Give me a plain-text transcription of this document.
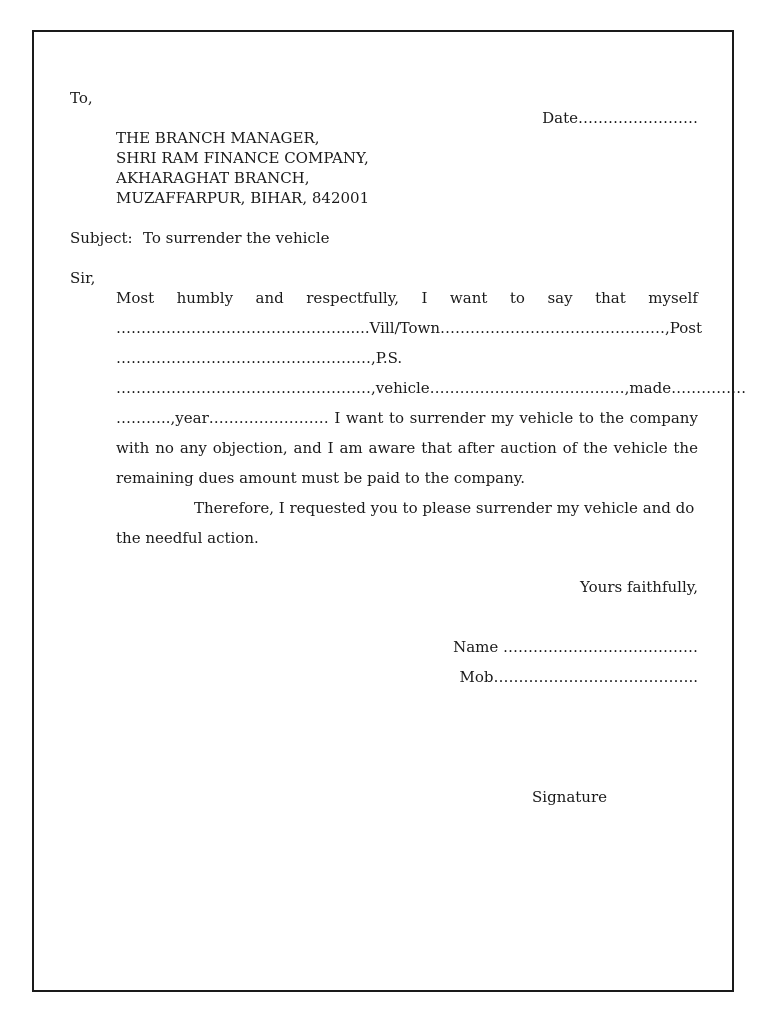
To,
Date……………………
THE BRANCH MANAGER,
SHRI RAM FINANCE COMPANY,
AKHARAGHAT BRANCH,
MUZAFFARPUR, BIHAR, 842001
Subject: To surrender the vehicle
Sir,
Most humbly and respectfully, I want to say that myself
………………………………………......Vill/Town………………………………………,Post
……………………………………………,P.S.
……………………………………………,vehicle…………………………………,made……………
………..,year…………………… I want to surrender my vehicle to the company
with no any objection, and I am aware that after auction of the vehicle the
remaining dues amount must be paid to the company.
Therefore, I requested you to please surrender my vehicle and do
the needful action.
Yours faithfully,
Name …………………………………
Mob…………………………………..
Signature
